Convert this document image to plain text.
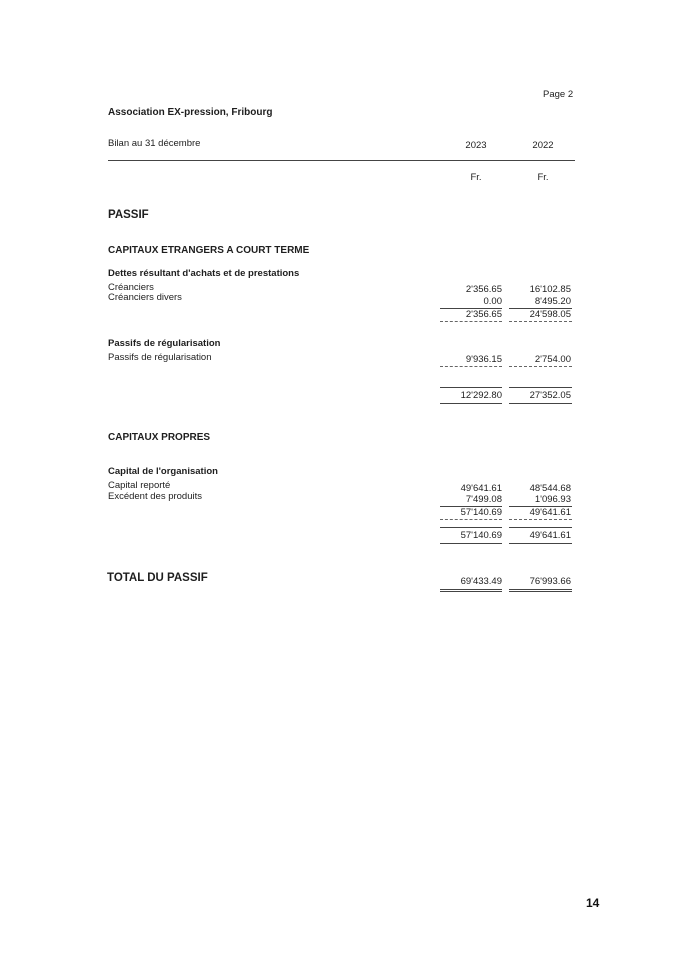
Page 2
Association EX-pression, Fribourg
Bilan au 31 décembre	2023	2022
Fr.	Fr.
PASSIF
CAPITAUX ETRANGERS A COURT TERME
Dettes résultant d'achats et de prestations
Créanciers	2'356.65	16'102.85
Créanciers divers	0.00	8'495.20
2'356.65	24'598.05
Passifs de régularisation
Passifs de régularisation	9'936.15	2'754.00
12'292.80	27'352.05
CAPITAUX PROPRES
Capital de l'organisation
Capital reporté	49'641.61	48'544.68
Excédent des produits	7'499.08	1'096.93
57'140.69	49'641.61
57'140.69	49'641.61
TOTAL DU PASSIF	69'433.49	76'993.66
14
